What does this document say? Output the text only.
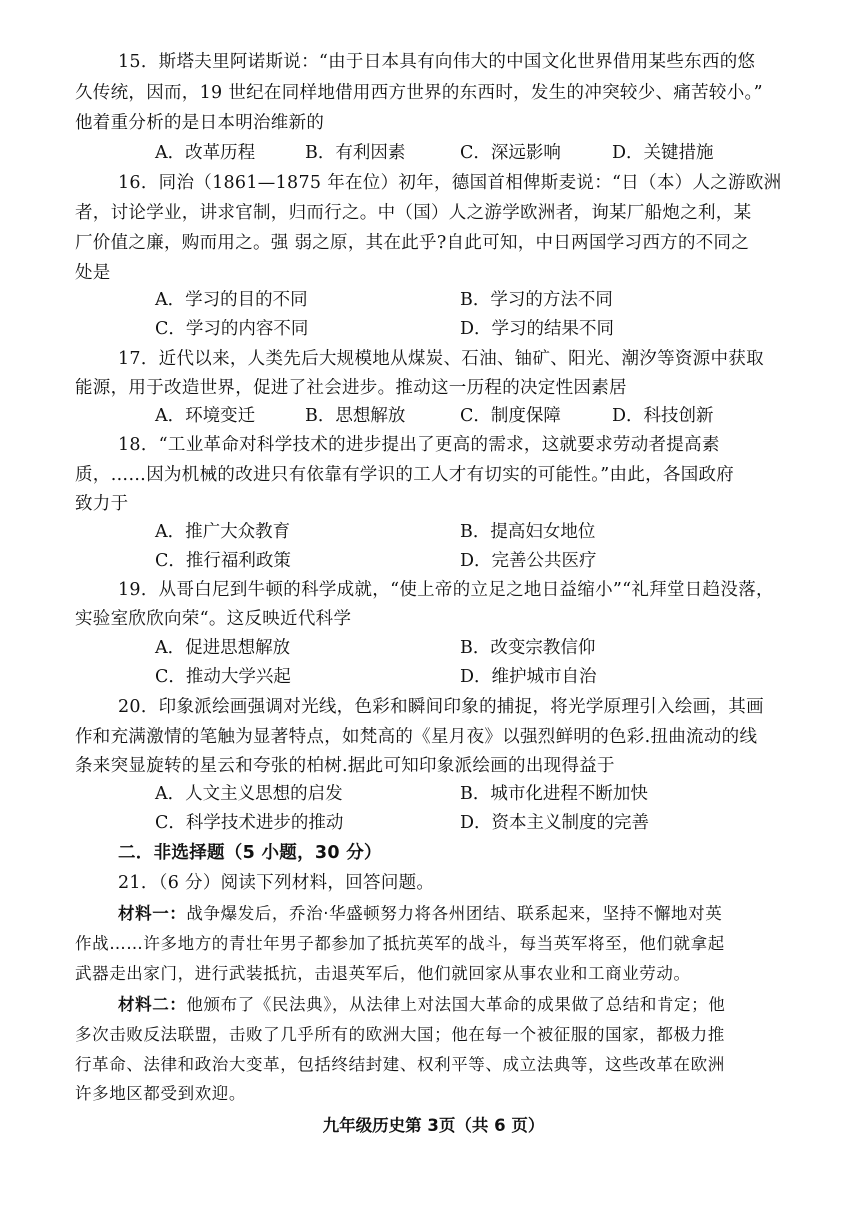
15．斯塔夫里阿诺斯说：“由于日本具有向伟大的中国文化世界借用某些东西的悠
久传统，因而，19 世纪在同样地借用西方世界的东西时，发生的冲突较少、痛苦较小。”
他着重分析的是日本明治维新的
A．改革历程	B．有利因素	C．深远影响	D．关键措施
16．同治（1861—1875 年在位）初年，德国首相俾斯麦说：“日（本）人之游欧洲
者，讨论学业，讲求官制，归而行之。中（国）人之游学欧洲者，询某厂船炮之利，某
厂价值之廉，购而用之。强 弱之原，其在此乎?自此可知，中日两国学习西方的不同之
处是
A．学习的目的不同	B．学习的方法不同
C．学习的内容不同	D．学习的结果不同
17．近代以来，人类先后大规模地从煤炭、石油、铀矿、阳光、潮汐等资源中获取
能源，用于改造世界，促进了社会进步。推动这一历程的决定性因素居
A．环境变迁	B．思想解放	C．制度保障	D．科技创新
18．“工业革命对科学技术的进步提出了更高的需求，这就要求劳动者提高素
质，……因为机械的改进只有依靠有学识的工人才有切实的可能性。”由此，各国政府
致力于
A．推广大众教育	B．提高妇女地位
C．推行福利政策	D．完善公共医疗
19．从哥白尼到牛顿的科学成就，“使上帝的立足之地日益缩小”“礼拜堂日趋没落，
实验室欣欣向荣“。这反映近代科学
A．促进思想解放	B．改变宗教信仰
C．推动大学兴起	D．维护城市自治
20．印象派绘画强调对光线，色彩和瞬间印象的捕捉，将光学原理引入绘画，其画
作和充满激情的笔触为显著特点，如梵高的《星月夜》以强烈鲜明的色彩.扭曲流动的线
条来突显旋转的星云和夸张的柏树.据此可知印象派绘画的出现得益于
A．人文主义思想的启发	B．城市化进程不断加快
C．科学技术进步的推动	D．资本主义制度的完善
二．非选择题（5 小题，30 分）
21．（6 分）阅读下列材料，回答问题。
材料一：战争爆发后，乔治·华盛顿努力将各州团结、联系起来，坚持不懈地对英
作战……许多地方的青壮年男子都参加了抵抗英军的战斗，每当英军将至，他们就拿起
武器走出家门，进行武装抵抗，击退英军后，他们就回家从事农业和工商业劳动。
材料二：他颁布了《民法典》，从法律上对法国大革命的成果做了总结和肯定；他
多次击败反法联盟，击败了几乎所有的欧洲大国；他在每一个被征服的国家，都极力推
行革命、法律和政治大变革，包括终结封建、权利平等、成立法典等，这些改革在欧洲
许多地区都受到欢迎。
九年级历史第 3页（共 6 页）
